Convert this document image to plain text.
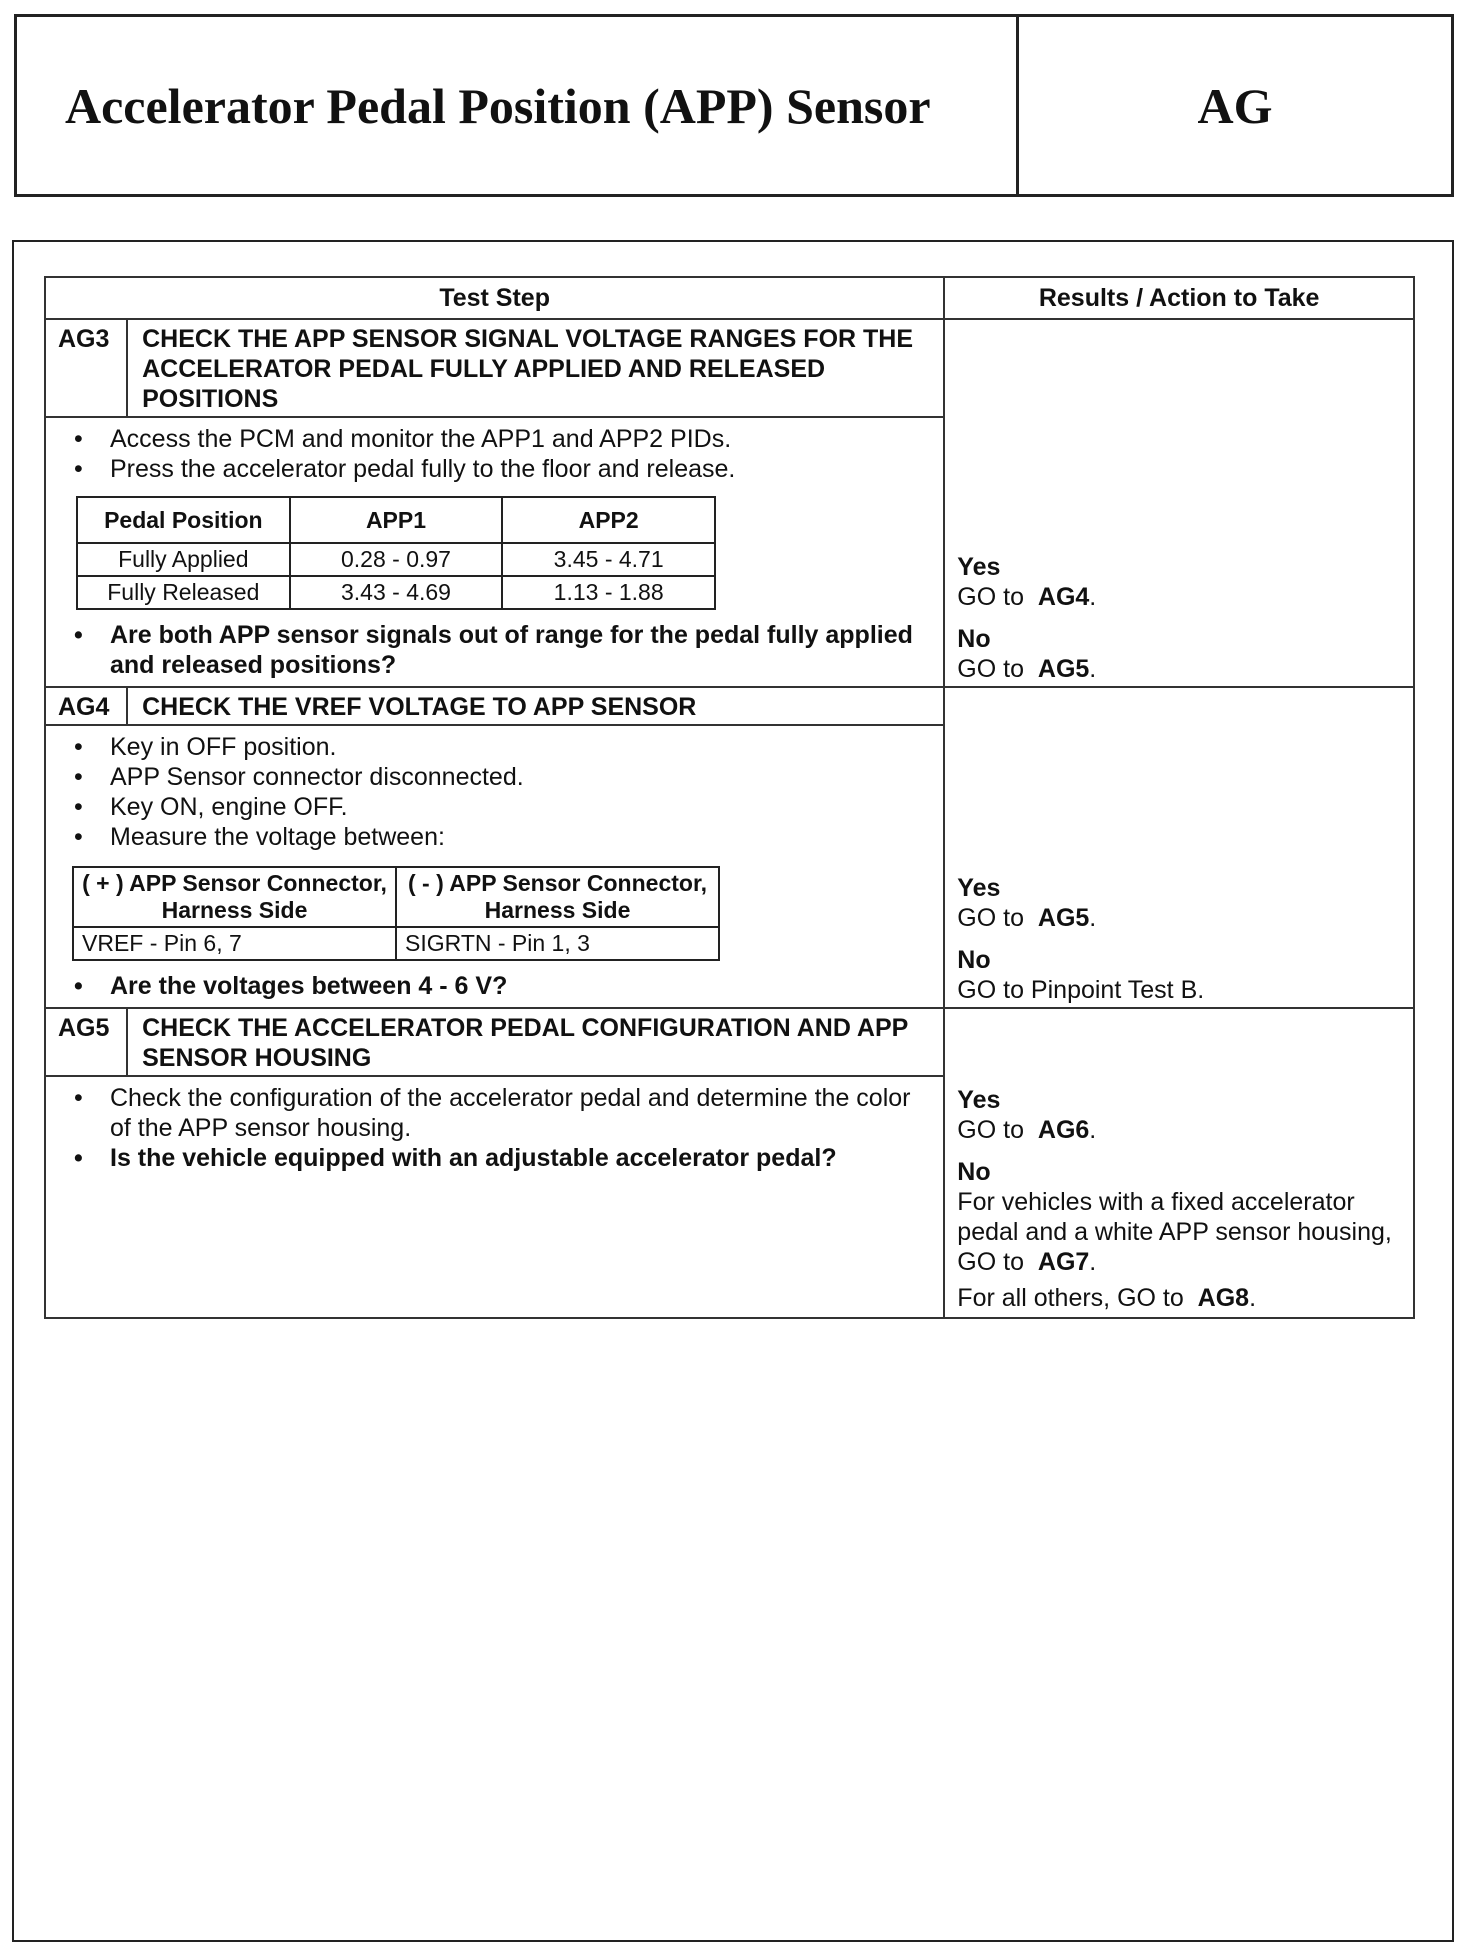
Accelerator Pedal Position (APP) Sensor	AG
Test Step	Results / Action to Take
AG3	CHECK THE APP SENSOR SIGNAL VOLTAGE RANGES FOR THE ACCELERATOR PEDAL FULLY APPLIED AND RELEASED POSITIONS	
Yes
GO to AG4.
No
GO to AG5.

• Access the PCM and monitor the APP1 and APP2 PIDs.
• Press the accelerator pedal fully to the floor and release.
Pedal Position	APP1	APP2
Fully Applied	0.28 - 0.97	3.45 - 4.71
Fully Released	3.43 - 4.69	1.13 - 1.88
• Are both APP sensor signals out of range for the pedal fully applied and released positions?

AG4	CHECK THE VREF VOLTAGE TO APP SENSOR	
Yes
GO to AG5.
No
GO to Pinpoint Test B.

• Key in OFF position.
• APP Sensor connector disconnected.
• Key ON, engine OFF.
• Measure the voltage between:
( + ) APP Sensor Connector, Harness Side	( - ) APP Sensor Connector, Harness Side
VREF - Pin 6, 7	SIGRTN - Pin 1, 3
• Are the voltages between 4 - 6 V?

AG5	CHECK THE ACCELERATOR PEDAL CONFIGURATION AND APP SENSOR HOUSING	
Yes
GO to AG6.
No
For vehicles with a fixed accelerator pedal and a white APP sensor housing, GO to AG7.
For all others, GO to AG8.

• Check the configuration of the accelerator pedal and determine the color of the APP sensor housing.
• Is the vehicle equipped with an adjustable accelerator pedal?
